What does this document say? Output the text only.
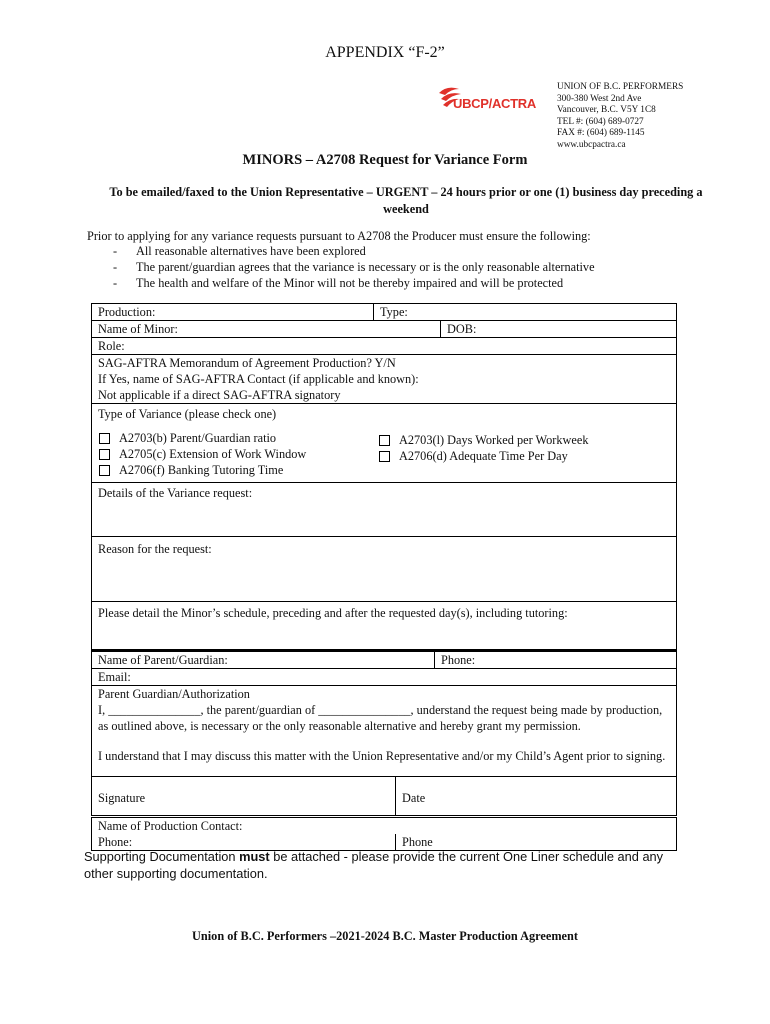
APPENDIX “F-2”
UBCP/ACTRA
UNION OF B.C. PERFORMERS
300-380 West 2nd Ave
Vancouver, B.C. V5Y 1C8
TEL #: (604) 689-0727
FAX #: (604) 689-1145
www.ubcpactra.ca
MINORS – A2708 Request for Variance Form
To be emailed/faxed to the Union Representative – URGENT – 24 hours prior or one (1) business day preceding a weekend
Prior to applying for any variance requests pursuant to A2708 the Producer must ensure the following:
- All reasonable alternatives have been explored
- The parent/guardian agrees that the variance is necessary or is the only reasonable alternative
- The health and welfare of the Minor will not be thereby impaired and will be protected
Production:	Type:
Name of Minor:	DOB:
Role:
SAG-AFTRA Memorandum of Agreement Production? Y/N
If Yes, name of SAG-AFTRA Contact (if applicable and known):
Not applicable if a direct SAG-AFTRA signatory
Type of Variance (please check one)
A2703(b) Parent/Guardian ratio
A2705(c) Extension of Work Window
A2706(f) Banking Tutoring Time
A2703(l) Days Worked per Workweek
A2706(d) Adequate Time Per Day
Details of the Variance request:
Reason for the request:
Please detail the Minor’s schedule, preceding and after the requested day(s), including tutoring:
Name of Parent/Guardian:	Phone:
Email:
Parent Guardian/Authorization
I, _______________, the parent/guardian of _______________, understand the request being made by production, as outlined above, is necessary or the only reasonable alternative and hereby grant my permission.
I understand that I may discuss this matter with the Union Representative and/or my Child’s Agent prior to signing.
Signature	Date
Name of Production Contact:
Phone:	Phone
Supporting Documentation must be attached - please provide the current One Liner schedule and any other supporting documentation.
Union of B.C. Performers –2021-2024 B.C. Master Production Agreement
